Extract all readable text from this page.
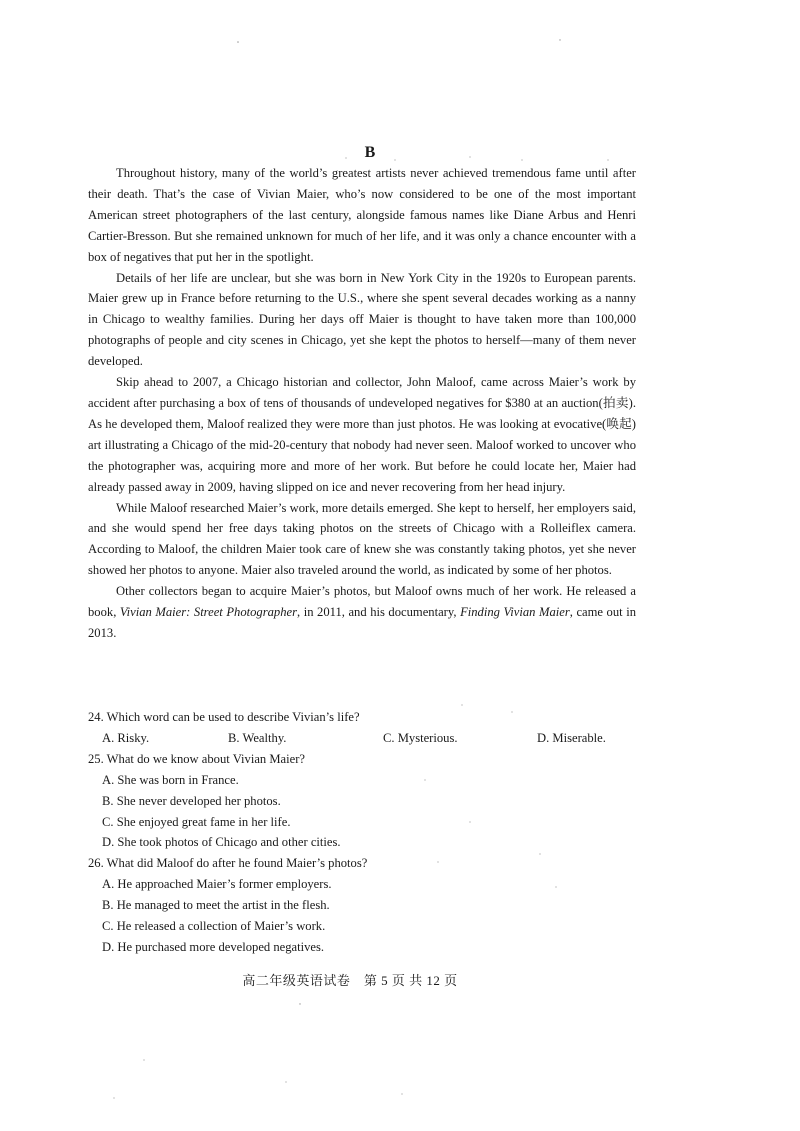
B

Throughout history, many of the world’s greatest artists never achieved tremendous fame until after their death. That’s the case of Vivian Maier, who’s now considered to be one of the most important American street photographers of the last century, alongside famous names like Diane Arbus and Henri Cartier-Bresson. But she remained unknown for much of her life, and it was only a chance encounter with a box of negatives that put her in the spotlight.

Details of her life are unclear, but she was born in New York City in the 1920s to European parents. Maier grew up in France before returning to the U.S., where she spent several decades working as a nanny in Chicago to wealthy families. During her days off Maier is thought to have taken more than 100,000 photographs of people and city scenes in Chicago, yet she kept the photos to herself—many of them never developed.

Skip ahead to 2007, a Chicago historian and collector, John Maloof, came across Maier’s work by accident after purchasing a box of tens of thousands of undeveloped negatives for $380 at an auction(拍卖). As he developed them, Maloof realized they were more than just photos. He was looking at evocative(唤起) art illustrating a Chicago of the mid-20-century that nobody had never seen. Maloof worked to uncover who the photographer was, acquiring more and more of her work. But before he could locate her, Maier had already passed away in 2009, having slipped on ice and never recovering from her head injury.

While Maloof researched Maier’s work, more details emerged. She kept to herself, her employers said, and she would spend her free days taking photos on the streets of Chicago with a Rolleiflex camera. According to Maloof, the children Maier took care of knew she was constantly taking photos, yet she never showed her photos to anyone. Maier also traveled around the world, as indicated by some of her photos.

Other collectors began to acquire Maier’s photos, but Maloof owns much of her work. He released a book, Vivian Maier: Street Photographer, in 2011, and his documentary, Finding Vivian Maier, came out in 2013.

24. Which word can be used to describe Vivian’s life?

A. Risky.	B. Wealthy.	C. Mysterious.	D. Miserable.

25. What do we know about Vivian Maier?

A. She was born in France.

B. She never developed her photos.

C. She enjoyed great fame in her life.

D. She took photos of Chicago and other cities.

26. What did Maloof do after he found Maier’s photos?

A. He approached Maier’s former employers.

B. He managed to meet the artist in the flesh.

C. He released a collection of Maier’s work.

D. He purchased more developed negatives.

高二年级英语试卷　第 5 页 共 12 页
